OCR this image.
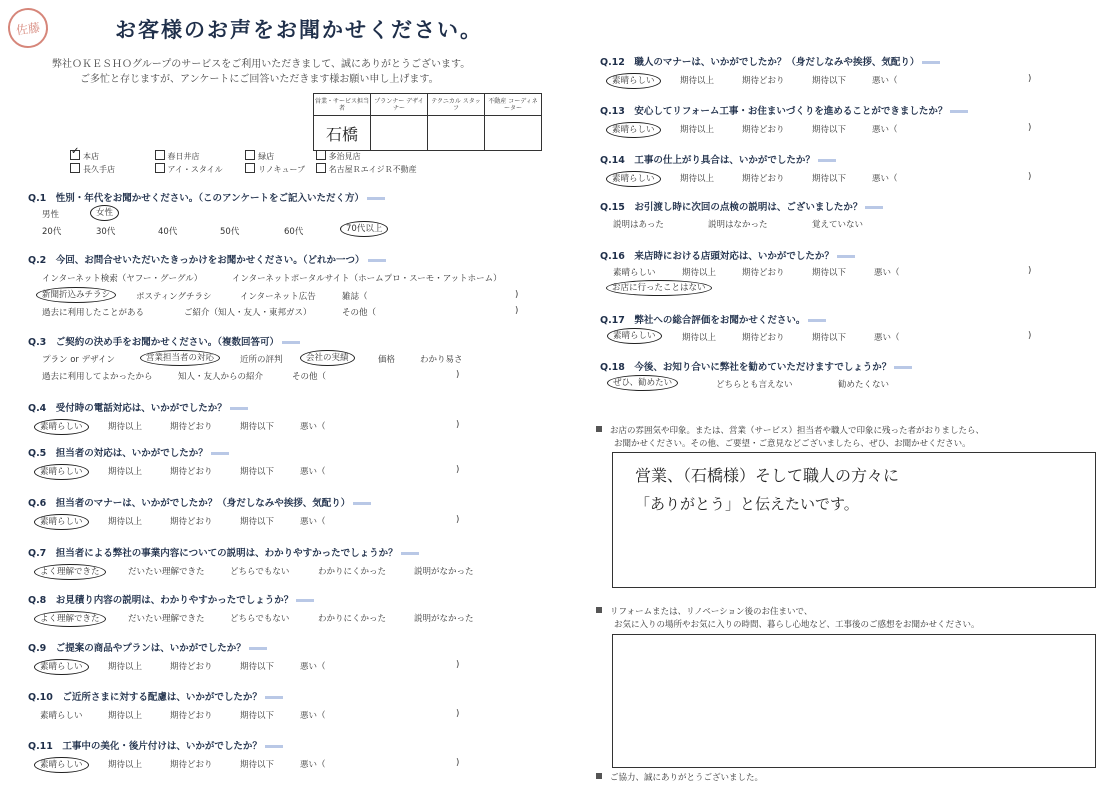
佐藤	お客様のお声をお聞かせください。
弊社ＯＫＥＳＨＯグループのサービスをご利用いただきまして、誠にありがとうございます。
ご多忙と存じますが、アンケートにご回答いただきます様お願い申し上げます。
営業・サービス担当者	プランナー デザイナー	テクニカル スタッフ	不動産 コーディネーター
石橋			
✓本店	春日井店	緑店	多治見店
長久手店	アイ・スタイル	リノキューブ	名古屋ＲエイジＲ不動産
Q.1　性別・年代をお聞かせください。（このアンケートをご記入いただく方）
男性	女性
20代	30代	40代	50代	60代	70代以上
Q.2　今回、お問合せいただいたきっかけをお聞かせください。（どれか一つ）
インターネット検索（ヤフー・グーグル）	インターネットポータルサイト（ホームプロ・スーモ・アットホーム）
新聞折込みチラシ	ポスティングチラシ	インターネット広告	雑誌（	)
過去に利用したことがある	ご紹介（知人・友人・東邦ガス）	その他（	)
Q.3　ご契約の決め手をお聞かせください。（複数回答可）
プラン or デザイン	営業担当者の対応	近所の評判	会社の実績	価格	わかり易さ
過去に利用してよかったから	知人・友人からの紹介	その他（	)
Q.4　受付時の電話対応は、いかがでしたか？
素晴らしい	期待以上	期待どおり	期待以下	悪い（	)
Q.5　担当者の対応は、いかがでしたか？
素晴らしい	期待以上	期待どおり	期待以下	悪い（	)
Q.6　担当者のマナーは、いかがでしたか？（身だしなみや挨拶、気配り）
素晴らしい	期待以上	期待どおり	期待以下	悪い（	)
Q.7　担当者による弊社の事業内容についての説明は、わかりやすかったでしょうか？
よく理解できた	だいたい理解できた	どちらでもない	わかりにくかった	説明がなかった
Q.8　お見積り内容の説明は、わかりやすかったでしょうか？
よく理解できた	だいたい理解できた	どちらでもない	わかりにくかった	説明がなかった
Q.9　ご提案の商品やプランは、いかがでしたか？
素晴らしい	期待以上	期待どおり	期待以下	悪い（	)
Q.10　ご近所さまに対する配慮は、いかがでしたか？
素晴らしい	期待以上	期待どおり	期待以下	悪い（	)
Q.11　工事中の美化・後片付けは、いかがでしたか？
素晴らしい	期待以上	期待どおり	期待以下	悪い（	)
Q.12　職人のマナーは、いかがでしたか？（身だしなみや挨拶、気配り）
素晴らしい	期待以上	期待どおり	期待以下	悪い（	)
Q.13　安心してリフォーム工事・お住まいづくりを進めることができましたか？
素晴らしい	期待以上	期待どおり	期待以下	悪い（	)
Q.14　工事の仕上がり具合は、いかがでしたか？
素晴らしい	期待以上	期待どおり	期待以下	悪い（	)
Q.15　お引渡し時に次回の点検の説明は、ございましたか？
説明はあった	説明はなかった	覚えていない
Q.16　来店時における店頭対応は、いかがでしたか？
素晴らしい	期待以上	期待どおり	期待以下	悪い（	)
お店に行ったことはない
Q.17　弊社への総合評価をお聞かせください。
素晴らしい	期待以上	期待どおり	期待以下	悪い（	)
Q.18　今後、お知り合いに弊社を勧めていただけますでしょうか？
ぜひ、勧めたい	どちらとも言えない	勧めたくない
お店の雰囲気や印象。または、営業（サービス）担当者や職人で印象に残った者がおりましたら、
お聞かせください。その他、ご要望・ご意見などございましたら、ぜひ、お聞かせください。
営業、（石橋様）そして職人の方々に
「ありがとう」と伝えたいです。
リフォームまたは、リノベーション後のお住まいで、
お気に入りの場所やお気に入りの時間、暮らし心地など、工事後のご感想をお聞かせください。
ご協力、誠にありがとうございました。
